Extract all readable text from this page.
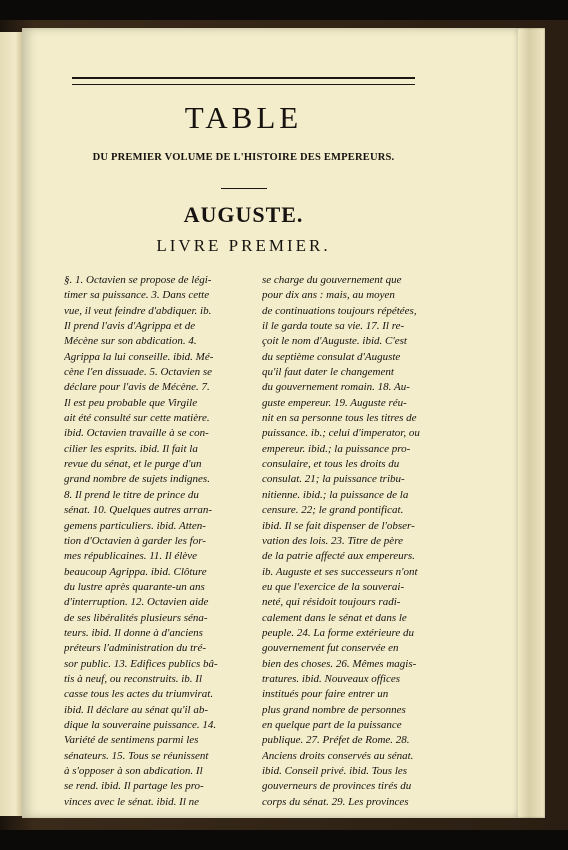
TABLE
DU PREMIER VOLUME DE L'HISTOIRE DES EMPEREURS.
AUGUSTE.
LIVRE PREMIER.
§. 1. Octavien se propose de légi-
timer sa puissance. 3. Dans cette
vue, il veut feindre d'abdiquer. ib.
Il prend l'avis d'Agrippa et de
Mécène sur son abdication. 4.
Agrippa la lui conseille. ibid. Mé-
cène l'en dissuade. 5. Octavien se
déclare pour l'avis de Mécène. 7.
Il est peu probable que Virgile
ait été consulté sur cette matière.
ibid. Octavien travaille à se con-
cilier les esprits. ibid. Il fait la
revue du sénat, et le purge d'un
grand nombre de sujets indignes.
8. Il prend le titre de prince du
sénat. 10. Quelques autres arran-
gemens particuliers. ibid. Atten-
tion d'Octavien à garder les for-
mes républicaines. 11. Il élève
beaucoup Agrippa. ibid. Clôture
du lustre après quarante-un ans
d'interruption. 12. Octavien aide
de ses libéralités plusieurs séna-
teurs. ibid. Il donne à d'anciens
préteurs l'administration du tré-
sor public. 13. Edifices publics bâ-
tis à neuf, ou reconstruits. ib. Il
casse tous les actes du triumvirat.
ibid. Il déclare au sénat qu'il ab-
dique la souveraine puissance. 14.
Variété de sentimens parmi les
sénateurs. 15. Tous se réunissent
à s'opposer à son abdication. Il
se rend. ibid. Il partage les pro-
vinces avec le sénat. ibid. Il ne
se charge du gouvernement que
pour dix ans : mais, au moyen
de continuations toujours répétées,
il le garda toute sa vie. 17. Il re-
çoit le nom d'Auguste. ibid. C'est
du septième consulat d'Auguste
qu'il faut dater le changement
du gouvernement romain. 18. Au-
guste empereur. 19. Auguste réu-
nit en sa personne tous les titres de
puissance. ib.; celui d'imperator, ou
empereur. ibid.; la puissance pro-
consulaire, et tous les droits du
consulat. 21; la puissance tribu-
nitienne. ibid.; la puissance de la
censure. 22; le grand pontificat.
ibid. Il se fait dispenser de l'obser-
vation des lois. 23. Titre de père
de la patrie affecté aux empereurs.
ib. Auguste et ses successeurs n'ont
eu que l'exercice de la souverai-
neté, qui résidoit toujours radi-
calement dans le sénat et dans le
peuple. 24. La forme extérieure du
gouvernement fut conservée en
bien des choses. 26. Mêmes magis-
tratures. ibid. Nouveaux offices
institués pour faire entrer un
plus grand nombre de personnes
en quelque part de la puissance
publique. 27. Préfet de Rome. 28.
Anciens droits conservés au sénat.
ibid. Conseil privé. ibid. Tous les
gouverneurs de provinces tirés du
corps du sénat. 29. Les provinces
